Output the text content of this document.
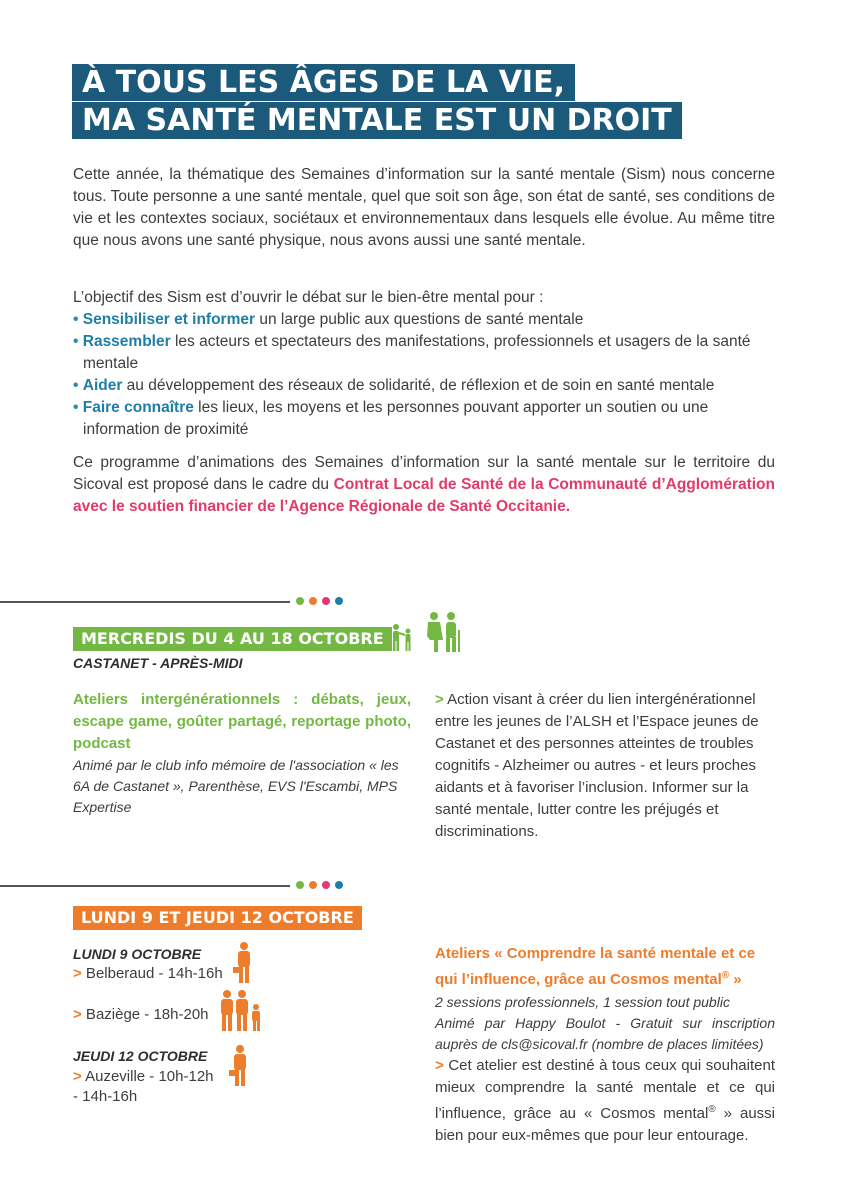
À TOUS LES ÂGES DE LA VIE,
MA SANTÉ MENTALE EST UN DROIT
Cette année, la thématique des Semaines d’information sur la santé mentale (Sism) nous concerne tous. Toute personne a une santé mentale, quel que soit son âge, son état de santé, ses conditions de vie et les contextes sociaux, sociétaux et environnementaux dans lesquels elle évolue. Au même titre que nous avons une santé physique, nous avons aussi une santé mentale.
L’objectif des Sism est d’ouvrir le débat sur le bien-être mental pour :
• Sensibiliser et informer un large public aux questions de santé mentale
• Rassembler les acteurs et spectateurs des manifestations, professionnels et usagers de la santé mentale
• Aider au développement des réseaux de solidarité, de réflexion et de soin en santé mentale
• Faire connaître les lieux, les moyens et les personnes pouvant apporter un soutien ou une information de proximité
Ce programme d’animations des Semaines d’information sur la santé mentale sur le territoire du Sicoval est proposé dans le cadre du Contrat Local de Santé de la Communauté d’Agglomération avec le soutien financier de l’Agence Régionale de Santé Occitanie.
MERCREDIS DU 4 AU 18 OCTOBRE
CASTANET - APRÈS-MIDI
Ateliers intergénérationnels : débats, jeux, escape game, goûter partagé, reportage photo, podcast
Animé par le club info mémoire de l'association « les 6A de Castanet », Parenthèse, EVS l'Escambi, MPS Expertise
> Action visant à créer du lien intergénérationnel entre les jeunes de l’ALSH et l’Espace jeunes de Castanet et des personnes atteintes de troubles cognitifs - Alzheimer ou autres - et leurs proches aidants et à favoriser l’inclusion. Informer sur la santé mentale, lutter contre les préjugés et discriminations.
LUNDI 9 ET JEUDI 12 OCTOBRE
LUNDI 9 OCTOBRE
> Belberaud - 14h-16h
> Baziège - 18h-20h
JEUDI 12 OCTOBRE
> Auzeville - 10h-12h
- 14h-16h
Ateliers « Comprendre la santé mentale et ce qui l’influence, grâce au Cosmos mental® »
2 sessions professionnels, 1 session tout public
Animé par Happy Boulot - Gratuit sur inscription auprès de cls@sicoval.fr (nombre de places limitées)
> Cet atelier est destiné à tous ceux qui souhaitent mieux comprendre la santé mentale et ce qui l’influence, grâce au « Cosmos mental® » aussi bien pour eux-mêmes que pour leur entourage.
